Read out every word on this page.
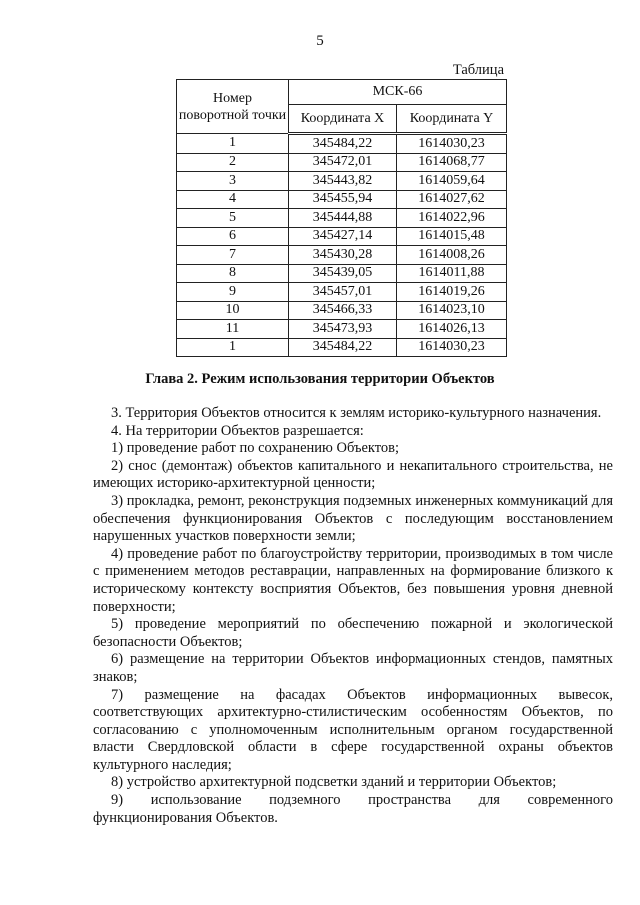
5
Таблица
Номер поворотной точки	МСК-66	
	Координата X	Координата Y
1	345484,22	1614030,23
2	345472,01	1614068,77
3	345443,82	1614059,64
4	345455,94	1614027,62
5	345444,88	1614022,96
6	345427,14	1614015,48
7	345430,28	1614008,26
8	345439,05	1614011,88
9	345457,01	1614019,26
10	345466,33	1614023,10
11	345473,93	1614026,13
1	345484,22	1614030,23
Глава 2. Режим использования территории Объектов

3. Территория Объектов относится к землям историко-культурного назначения.

4. На территории Объектов разрешается:

1) проведение работ по сохранению Объектов;

2) снос (демонтаж) объектов капитального и некапитального строительства, не имеющих историко-архитектурной ценности;

3) прокладка, ремонт, реконструкция подземных инженерных коммуникаций для обеспечения функционирования Объектов с последующим восстановлением нарушенных участков поверхности земли;

4) проведение работ по благоустройству территории, производимых в том числе с применением методов реставрации, направленных на формирование близкого к историческому контексту восприятия Объектов, без повышения уровня дневной поверхности;

5) проведение мероприятий по обеспечению пожарной и экологической безопасности Объектов;

6) размещение на территории Объектов информационных стендов, памятных знаков;

7) размещение на фасадах Объектов информационных вывесок, соответствующих архитектурно-стилистическим особенностям Объектов, по согласованию с уполномоченным исполнительным органом государственной власти Свердловской области в сфере государственной охраны объектов культурного наследия;

8) устройство архитектурной подсветки зданий и территории Объектов;

9) использование подземного пространства для современного функционирования Объектов.
